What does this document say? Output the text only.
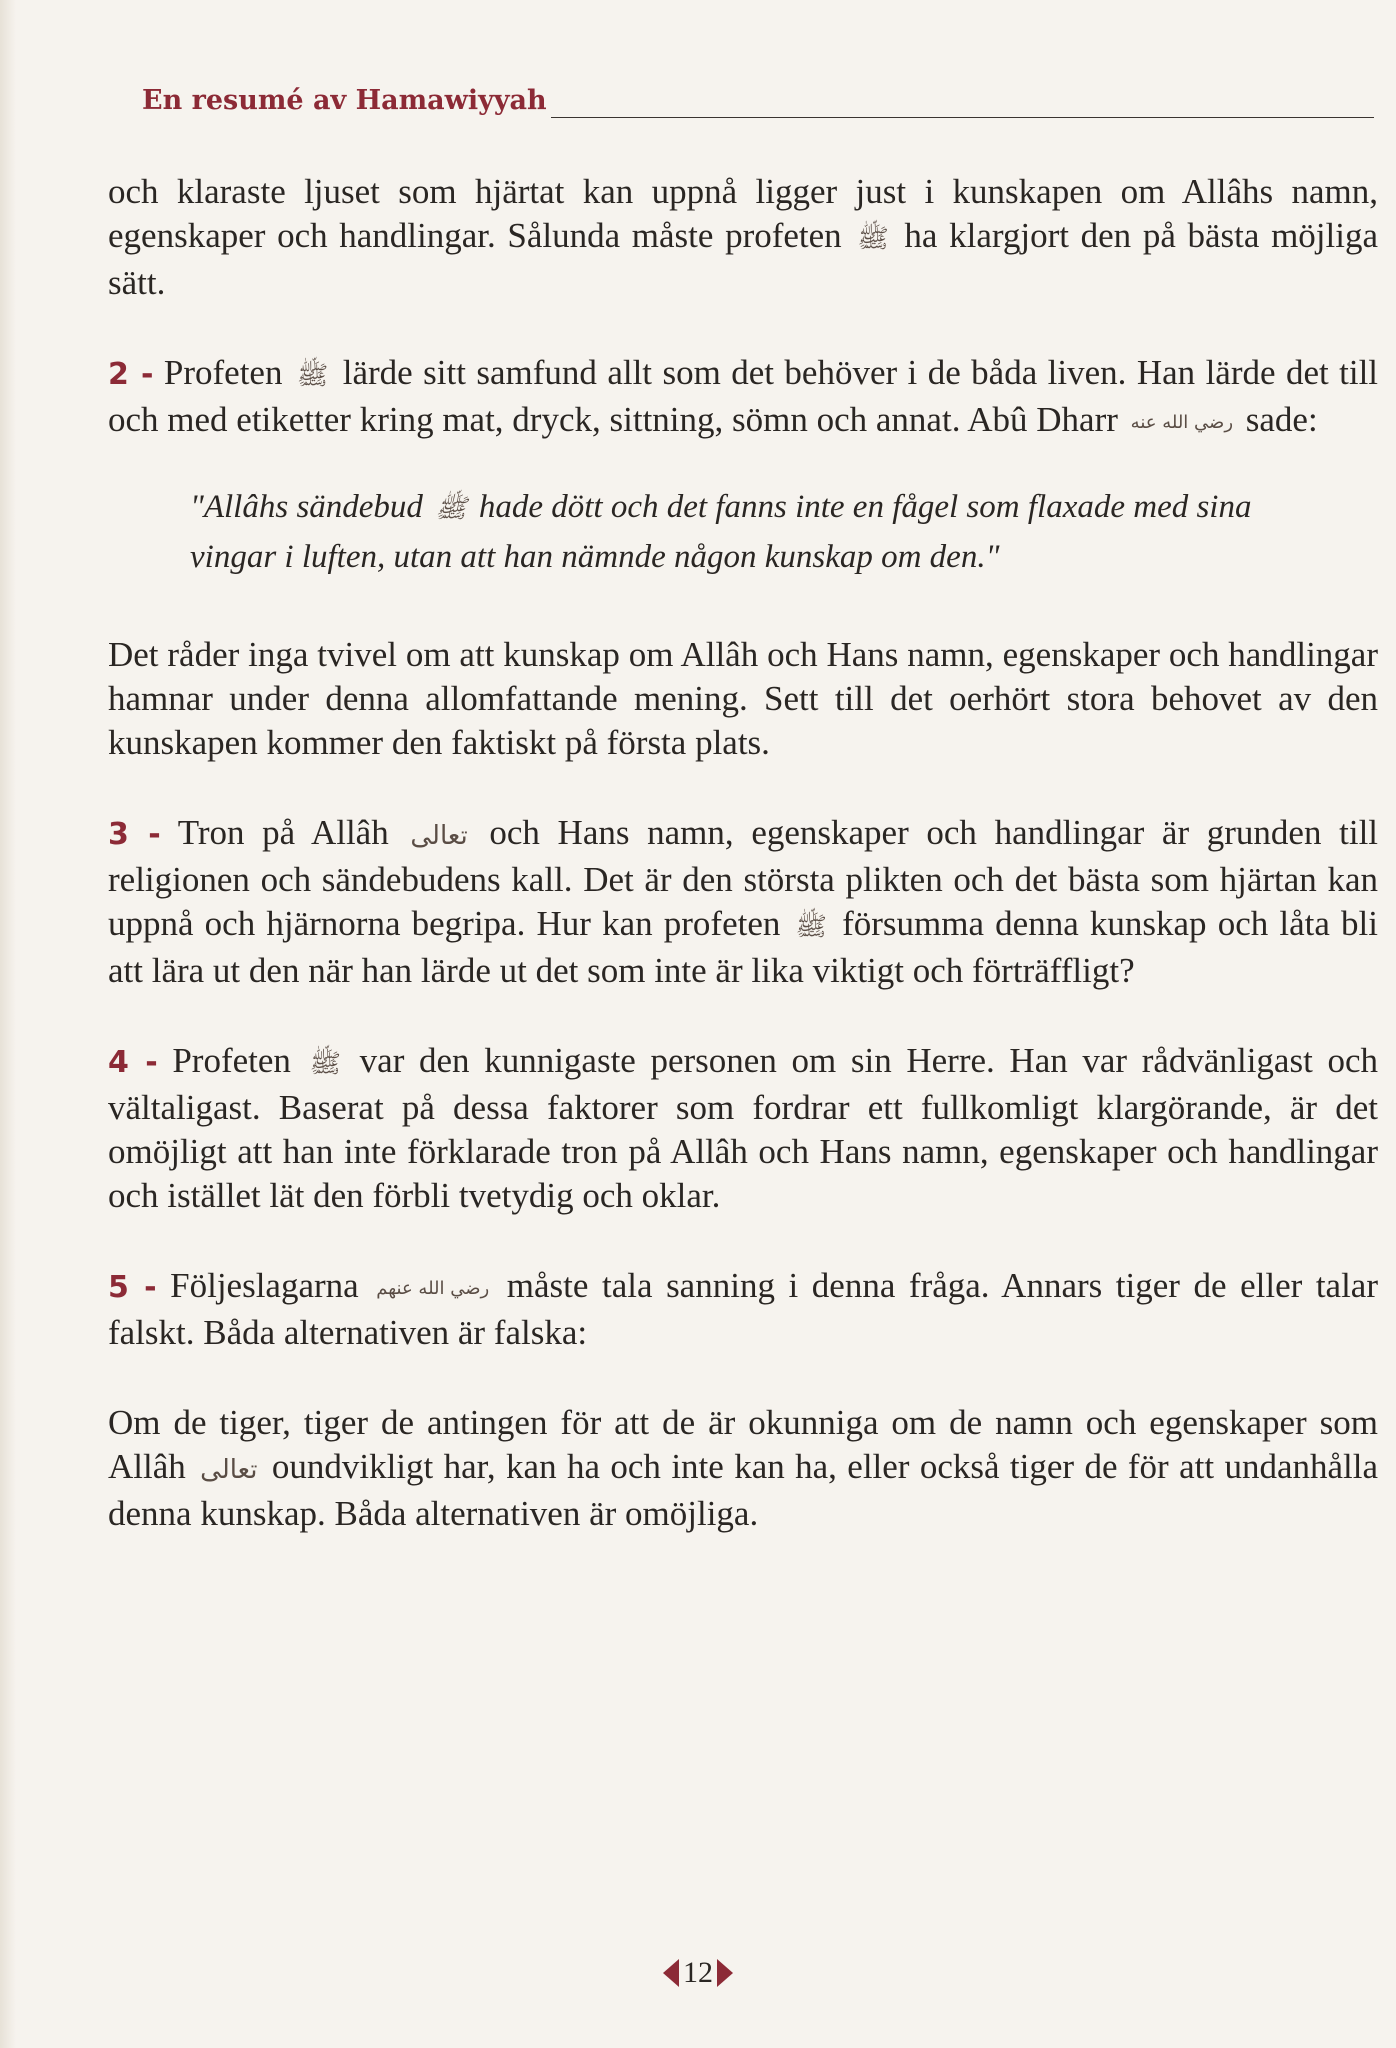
En resumé av Hamawiyyah

och klaraste ljuset som hjärtat kan uppnå ligger just i kunskapen om Allâhs namn, egenskaper och handlingar. Sålunda måste profeten ﷺ ha klargjort den på bästa möjliga sätt.

2 - Profeten ﷺ lärde sitt samfund allt som det behöver i de båda liven. Han lärde det till och med etiketter kring mat, dryck, sittning, sömn och annat. Abû Dharr رضي الله عنه sade:

"Allâhs sändebud ﷺ hade dött och det fanns inte en fågel som flaxade med sina vingar i luften, utan att han nämnde någon kunskap om den."

Det råder inga tvivel om att kunskap om Allâh och Hans namn, egenskaper och handlingar hamnar under denna allomfattande mening. Sett till det oerhört stora behovet av den kunskapen kommer den faktiskt på första plats.

3 - Tron på Allâh تعالى och Hans namn, egenskaper och handlingar är grunden till religionen och sändebudens kall. Det är den största plikten och det bästa som hjärtan kan uppnå och hjärnorna begripa. Hur kan profeten ﷺ försumma denna kunskap och låta bli att lära ut den när han lärde ut det som inte är lika viktigt och förträffligt?

4 - Profeten ﷺ var den kunnigaste personen om sin Herre. Han var rådvänligast och vältaligast. Baserat på dessa faktorer som fordrar ett fullkomligt klargörande, är det omöjligt att han inte förklarade tron på Allâh och Hans namn, egenskaper och handlingar och istället lät den förbli tvetydig och oklar.

5 - Följeslagarna رضي الله عنهم måste tala sanning i denna fråga. Annars tiger de eller talar falskt. Båda alternativen är falska:

Om de tiger, tiger de antingen för att de är okunniga om de namn och egenskaper som Allâh تعالى oundvikligt har, kan ha och inte kan ha, eller också tiger de för att undanhålla denna kunskap. Båda alternativen är omöjliga.

12
